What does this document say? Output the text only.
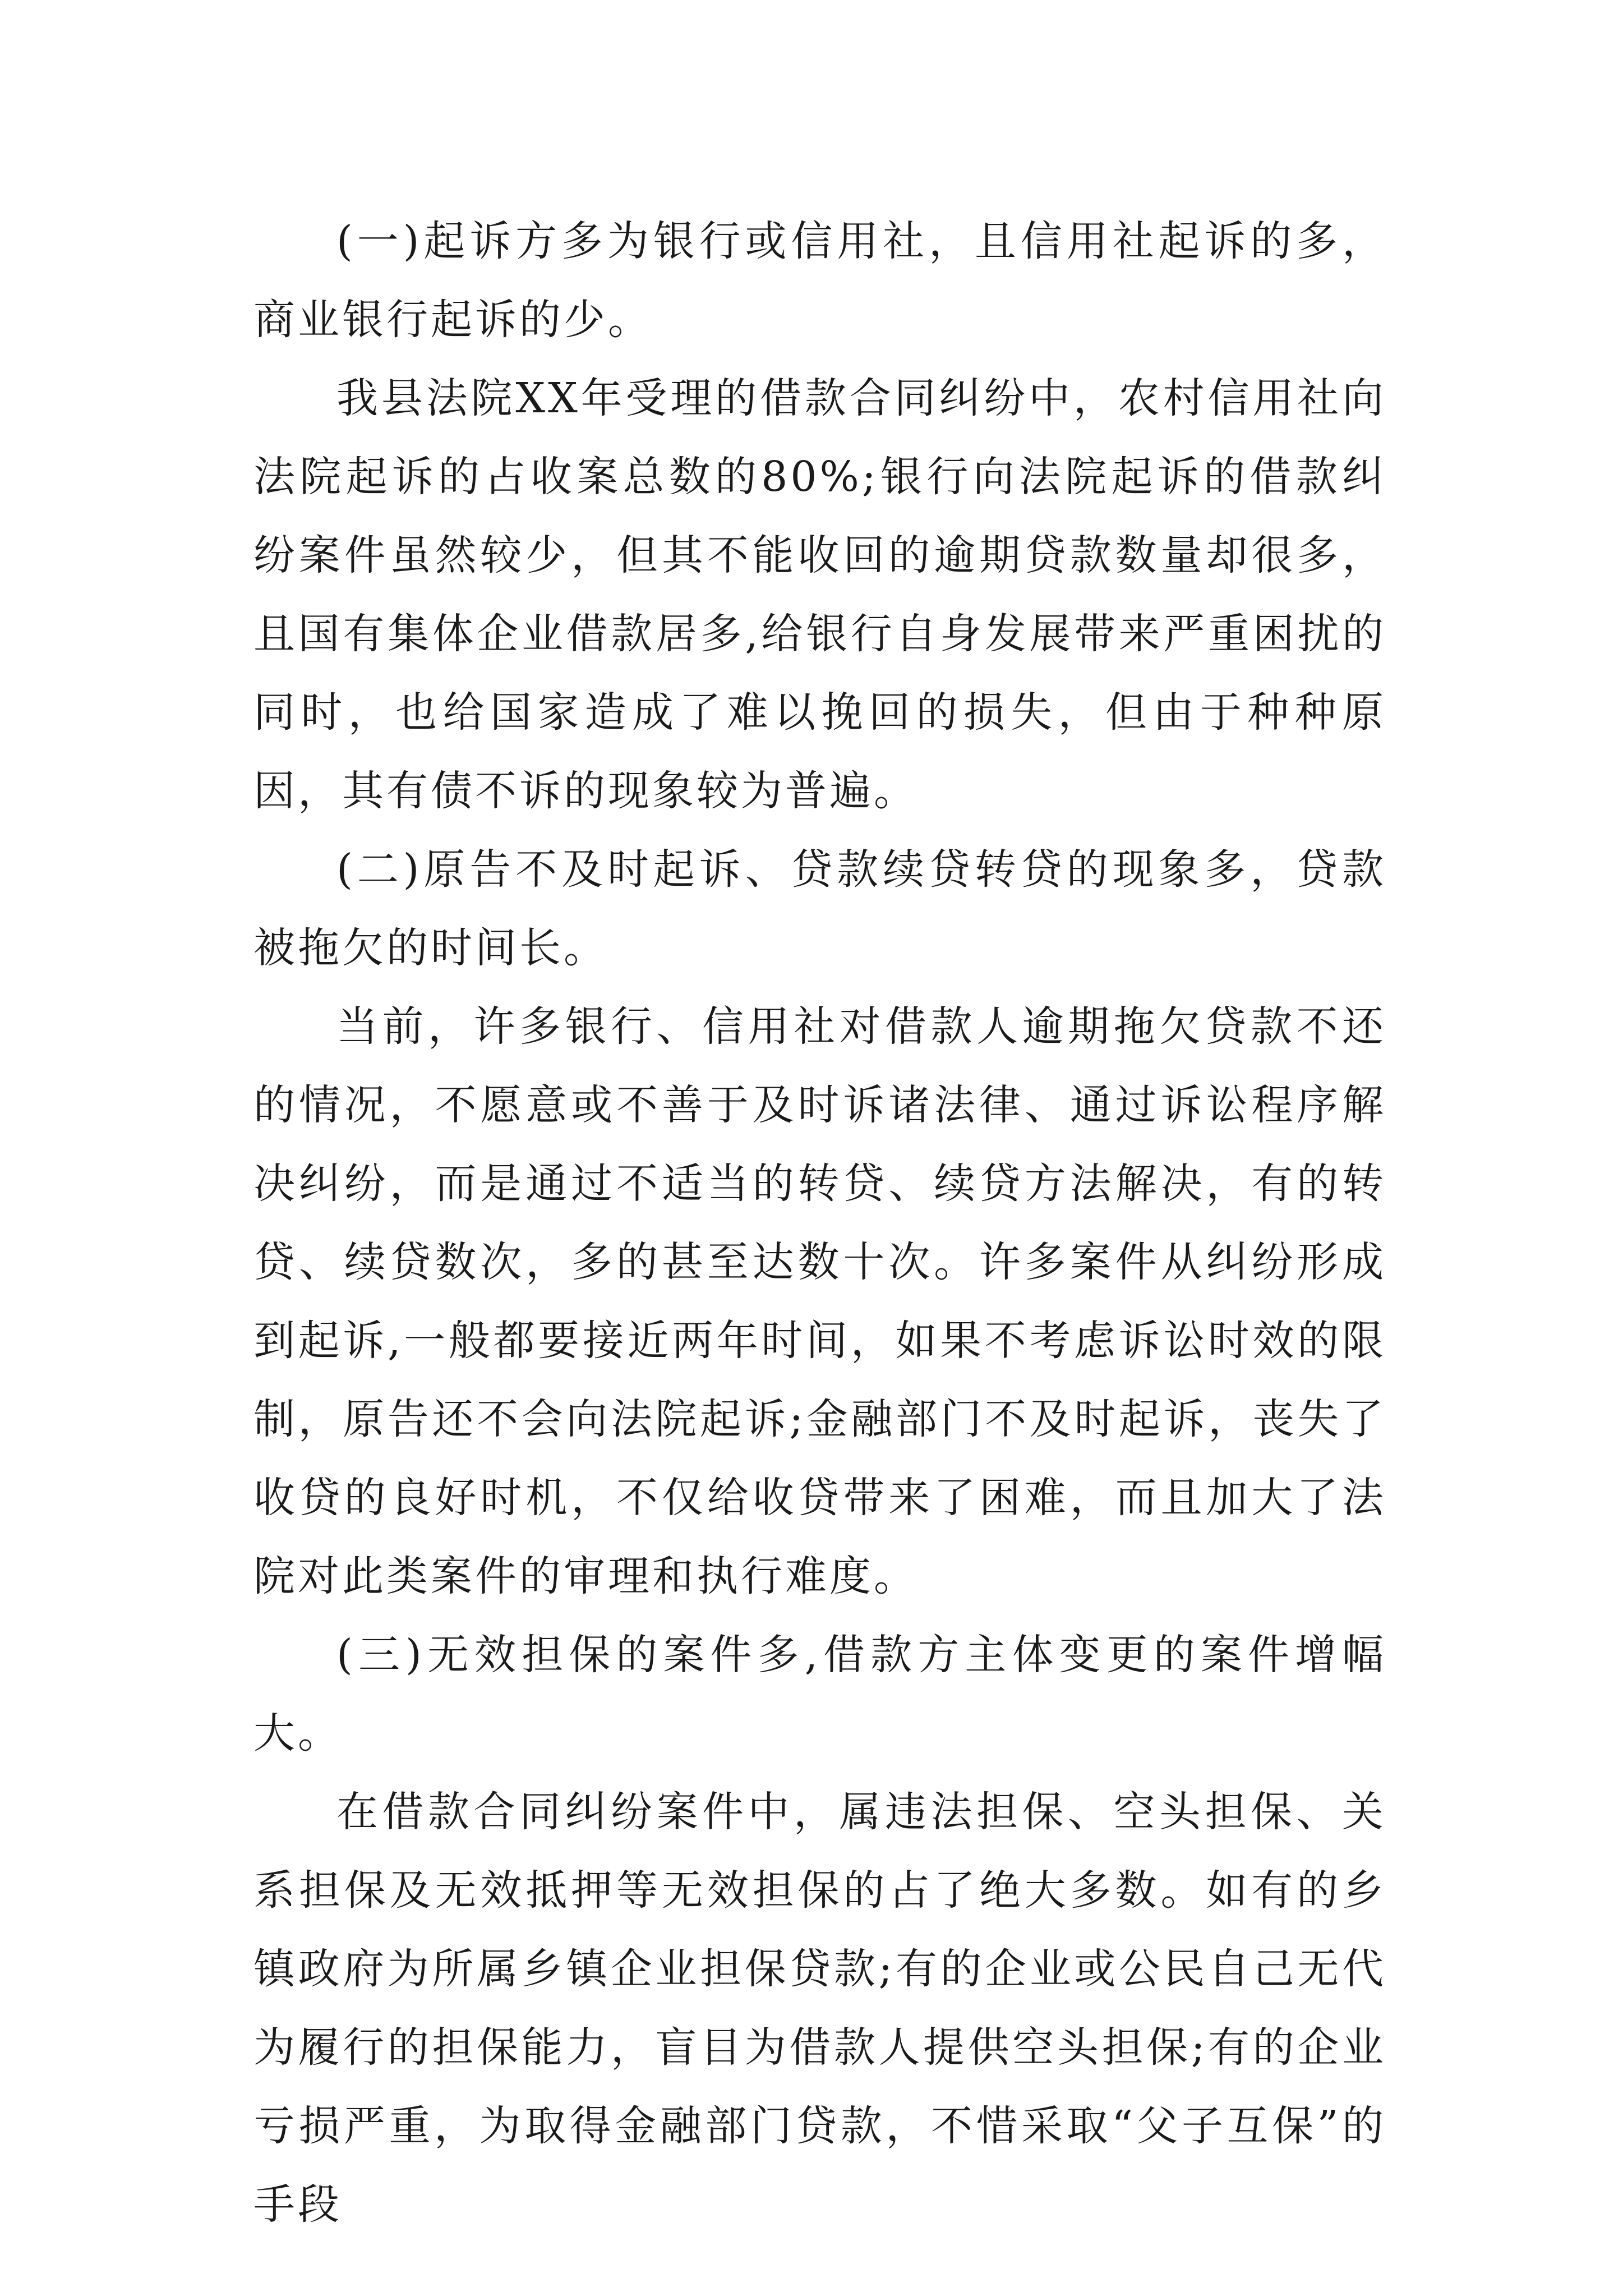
(一)起诉方多为银行或信用社，且信用社起诉的多，商业银行起诉的少。

我县法院XX年受理的借款合同纠纷中，农村信用社向法院起诉的占收案总数的80%;银行向法院起诉的借款纠纷案件虽然较少，但其不能收回的逾期贷款数量却很多，且国有集体企业借款居多,给银行自身发展带来严重困扰的同时，也给国家造成了难以挽回的损失，但由于种种原因，其有债不诉的现象较为普遍。

(二)原告不及时起诉、贷款续贷转贷的现象多，贷款被拖欠的时间长。

当前，许多银行、信用社对借款人逾期拖欠贷款不还的情况，不愿意或不善于及时诉诸法律、通过诉讼程序解决纠纷，而是通过不适当的转贷、续贷方法解决，有的转贷、续贷数次，多的甚至达数十次。许多案件从纠纷形成到起诉,一般都要接近两年时间，如果不考虑诉讼时效的限制，原告还不会向法院起诉;金融部门不及时起诉，丧失了收贷的良好时机，不仅给收贷带来了困难，而且加大了法院对此类案件的审理和执行难度。

(三)无效担保的案件多,借款方主体变更的案件增幅大。

在借款合同纠纷案件中，属违法担保、空头担保、关系担保及无效抵押等无效担保的占了绝大多数。如有的乡镇政府为所属乡镇企业担保贷款;有的企业或公民自己无代为履行的担保能力，盲目为借款人提供空头担保;有的企业亏损严重，为取得金融部门贷款，不惜采取“父子互保”的手段
